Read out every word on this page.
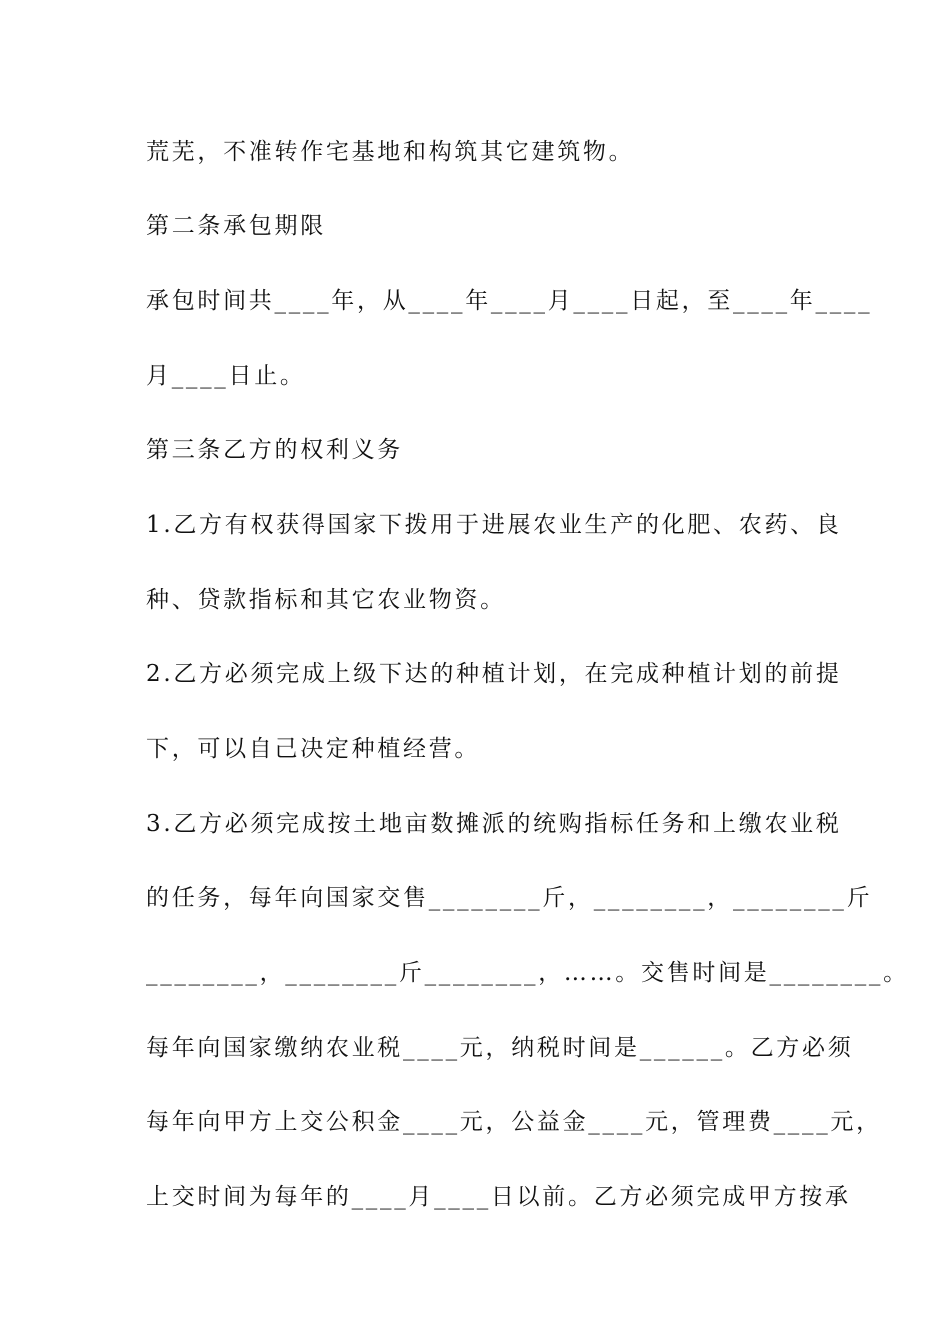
荒芜，不准转作宅基地和构筑其它建筑物。
第二条承包期限
承包时间共____年，从____年____月____日起，至____年____
月____日止。
第三条乙方的权利义务
1.乙方有权获得国家下拨用于进展农业生产的化肥、农药、良
种、贷款指标和其它农业物资。
2.乙方必须完成上级下达的种植计划，在完成种植计划的前提
下，可以自己决定种植经营。
3.乙方必须完成按土地亩数摊派的统购指标任务和上缴农业税
的任务，每年向国家交售________斤，________，________斤
________，________斤________，……。交售时间是________。
每年向国家缴纳农业税____元，纳税时间是______。乙方必须
每年向甲方上交公积金____元，公益金____元，管理费____元，
上交时间为每年的____月____日以前。乙方必须完成甲方按承
